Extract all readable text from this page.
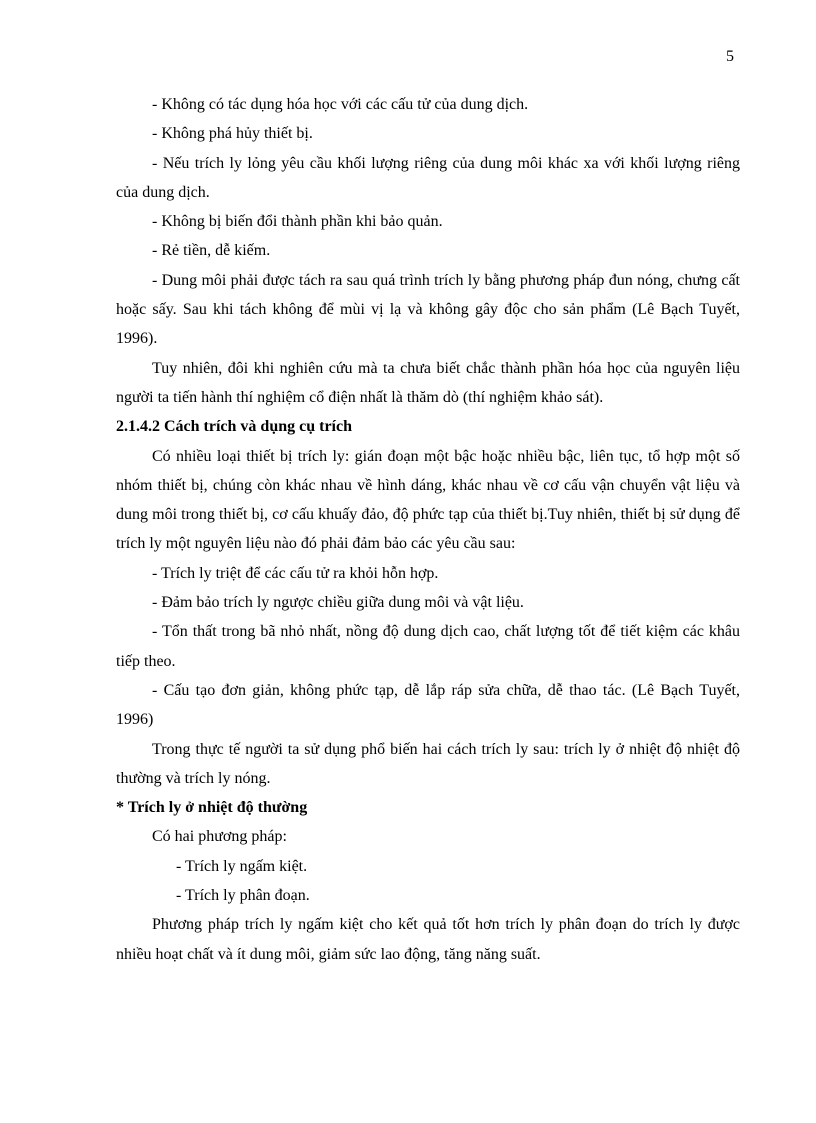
5

- Không có tác dụng hóa học với các cấu tử của dung dịch.

- Không phá hủy thiết bị.

- Nếu trích ly lỏng yêu cầu khối lượng riêng của dung môi khác xa với khối lượng riêng của dung dịch.

- Không bị biến đổi thành phần khi bảo quản.

- Rẻ tiền, dễ kiếm.

- Dung môi phải được tách ra sau quá trình trích ly bằng phương pháp đun nóng, chưng cất hoặc sấy. Sau khi tách không để mùi vị lạ và không gây độc cho sản phẩm (Lê Bạch Tuyết, 1996).

Tuy nhiên, đôi khi nghiên cứu mà ta chưa biết chắc thành phần hóa học của nguyên liệu người ta tiến hành thí nghiệm cổ điện nhất là thăm dò (thí nghiệm khảo sát).

2.1.4.2 Cách trích và dụng cụ trích

Có nhiều loại thiết bị trích ly: gián đoạn một bậc hoặc nhiều bậc, liên tục, tổ hợp một số nhóm thiết bị, chúng còn khác nhau về hình dáng, khác nhau về cơ cấu vận chuyển vật liệu và dung môi trong thiết bị, cơ cấu khuấy đảo, độ phức tạp của thiết bị.Tuy nhiên, thiết bị sử dụng để trích ly một nguyên liệu nào đó phải đảm bảo các yêu cầu sau:

- Trích ly triệt để các cấu tử ra khỏi hỗn hợp.

- Đảm bảo trích ly ngược chiều giữa dung môi và vật liệu.

- Tổn thất trong bã nhỏ nhất, nồng độ dung dịch cao, chất lượng tốt để tiết kiệm các khâu tiếp theo.

- Cấu tạo đơn giản, không phức tạp, dễ lắp ráp sửa chữa, dễ thao tác. (Lê Bạch Tuyết, 1996)

Trong thực tế người ta sử dụng phổ biến hai cách trích ly sau: trích ly ở nhiệt độ nhiệt độ thường và trích ly nóng.

* Trích ly ở nhiệt độ thường

Có hai phương pháp:

- Trích ly ngấm kiệt.

- Trích ly phân đoạn.

Phương pháp trích ly ngấm kiệt cho kết quả tốt hơn trích ly phân đoạn do trích ly được nhiều hoạt chất và ít dung môi, giảm sức lao động, tăng năng suất.
